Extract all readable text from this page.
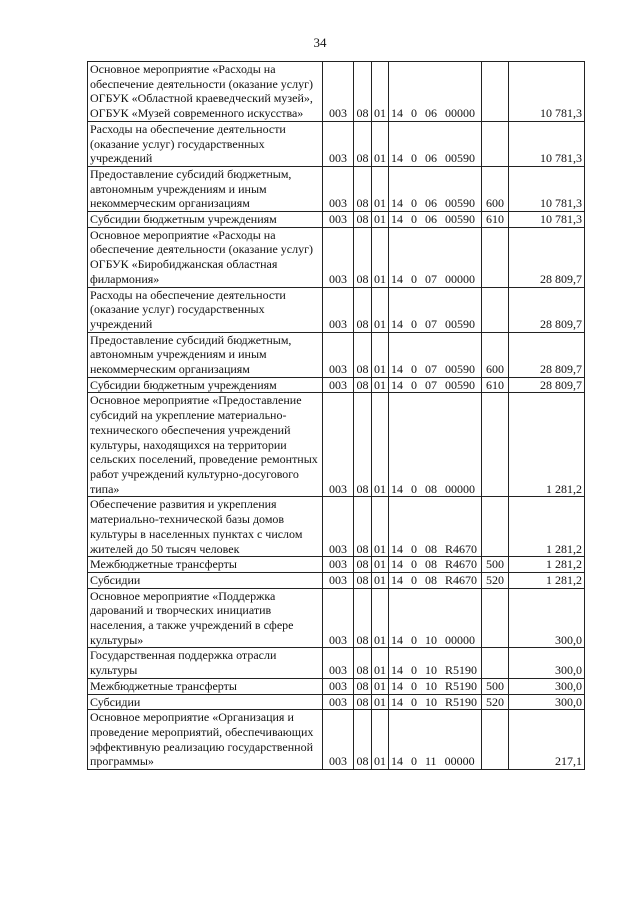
34
Основное мероприятие «Расходы на обеспечение деятельности (оказание услуг) ОГБУК «Областной краеведческий музей», ОГБУК «Музей современного искусства»	003	08	01	14 0 06 00000		10 781,3
Расходы на обеспечение деятельности (оказание услуг) государственных учреждений	003	08	01	14 0 06 00590		10 781,3
Предоставление субсидий бюджетным, автономным учреждениям и иным некоммерческим организациям	003	08	01	14 0 06 00590	600	10 781,3
Субсидии бюджетным учреждениям	003	08	01	14 0 06 00590	610	10 781,3
Основное мероприятие «Расходы на обеспечение деятельности (оказание услуг) ОГБУК «Биробиджанская областная филармония»	003	08	01	14 0 07 00000		28 809,7
Расходы на обеспечение деятельности (оказание услуг) государственных учреждений	003	08	01	14 0 07 00590		28 809,7
Предоставление субсидий бюджетным, автономным учреждениям и иным некоммерческим организациям	003	08	01	14 0 07 00590	600	28 809,7
Субсидии бюджетным учреждениям	003	08	01	14 0 07 00590	610	28 809,7
Основное мероприятие «Предоставление субсидий на укрепление материально-технического обеспечения учреждений культуры, находящихся на территории сельских поселений, проведение ремонтных работ учреждений культурно-досугового типа»	003	08	01	14 0 08 00000		1 281,2
Обеспечение развития и укрепления материально-технической базы домов культуры в населенных пунктах с числом жителей до 50 тысяч человек	003	08	01	14 0 08 R4670		1 281,2
Межбюджетные трансферты	003	08	01	14 0 08 R4670	500	1 281,2
Субсидии	003	08	01	14 0 08 R4670	520	1 281,2
Основное мероприятие «Поддержка дарований и творческих инициатив населения, а также учреждений в сфере культуры»	003	08	01	14 0 10 00000		300,0
Государственная поддержка отрасли культуры	003	08	01	14 0 10 R5190		300,0
Межбюджетные трансферты	003	08	01	14 0 10 R5190	500	300,0
Субсидии	003	08	01	14 0 10 R5190	520	300,0
Основное мероприятие «Организация и проведение мероприятий, обеспечивающих эффективную реализацию государственной программы»	003	08	01	14 0 11 00000		217,1
